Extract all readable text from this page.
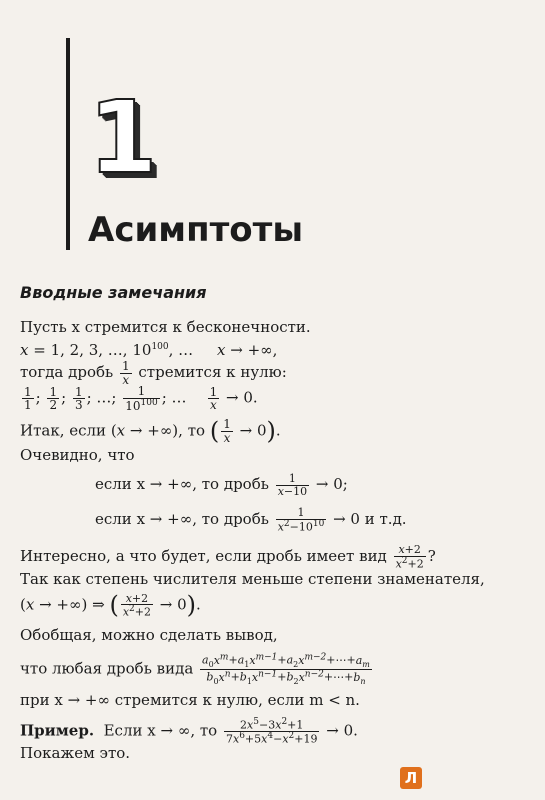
1
Асимптоты
Вводные замечания
Пусть x стремится к бесконечности.
x = 1, 2, 3, …, $10^{100}$, …     x → +∞,
тогда дробь $\frac{1}{x}$ стремится к нулю:
$\frac{1}{1}$ ; $\frac{1}{2}$ ; $\frac{1}{3}$ ; …; $\frac{1}{10^{100}}$ ; … $\frac{1}{x} \to 0$.
Итак, если (x → +∞), то ( $\frac{1}{x} \to 0$).
Очевидно, что
если x → +∞, то дробь $\frac{1}{x-10} \to 0$;
если x → +∞, то дробь $\frac{1}{x^2-10^{10}} \to 0$ и т.д.
Интересно, а что будет, если дробь имеет вид $\frac{x+2}{x^2+2}$ ?
Так как степень числителя меньше степени знаменателя,
(x → +∞) ⇒ ( $\frac{x+2}{x^2+2} \to 0$).
Обобщая, можно сделать вывод,
что любая дробь вида $\frac{a_0x^m+a_1x^{m-1}+a_2x^{m-2}+\cdots+a_m}{b_0x^n+b_1x^{n-1}+b_2x^{n-2}+\cdots+b_n}$
при x → +∞ стремится к нулю, если m < n.
Пример. Если x → ∞, то $\frac{2x^5-3x^2+1}{7x^6+5x^4-x^2+19} \to 0$.
Покажем это.
Л
